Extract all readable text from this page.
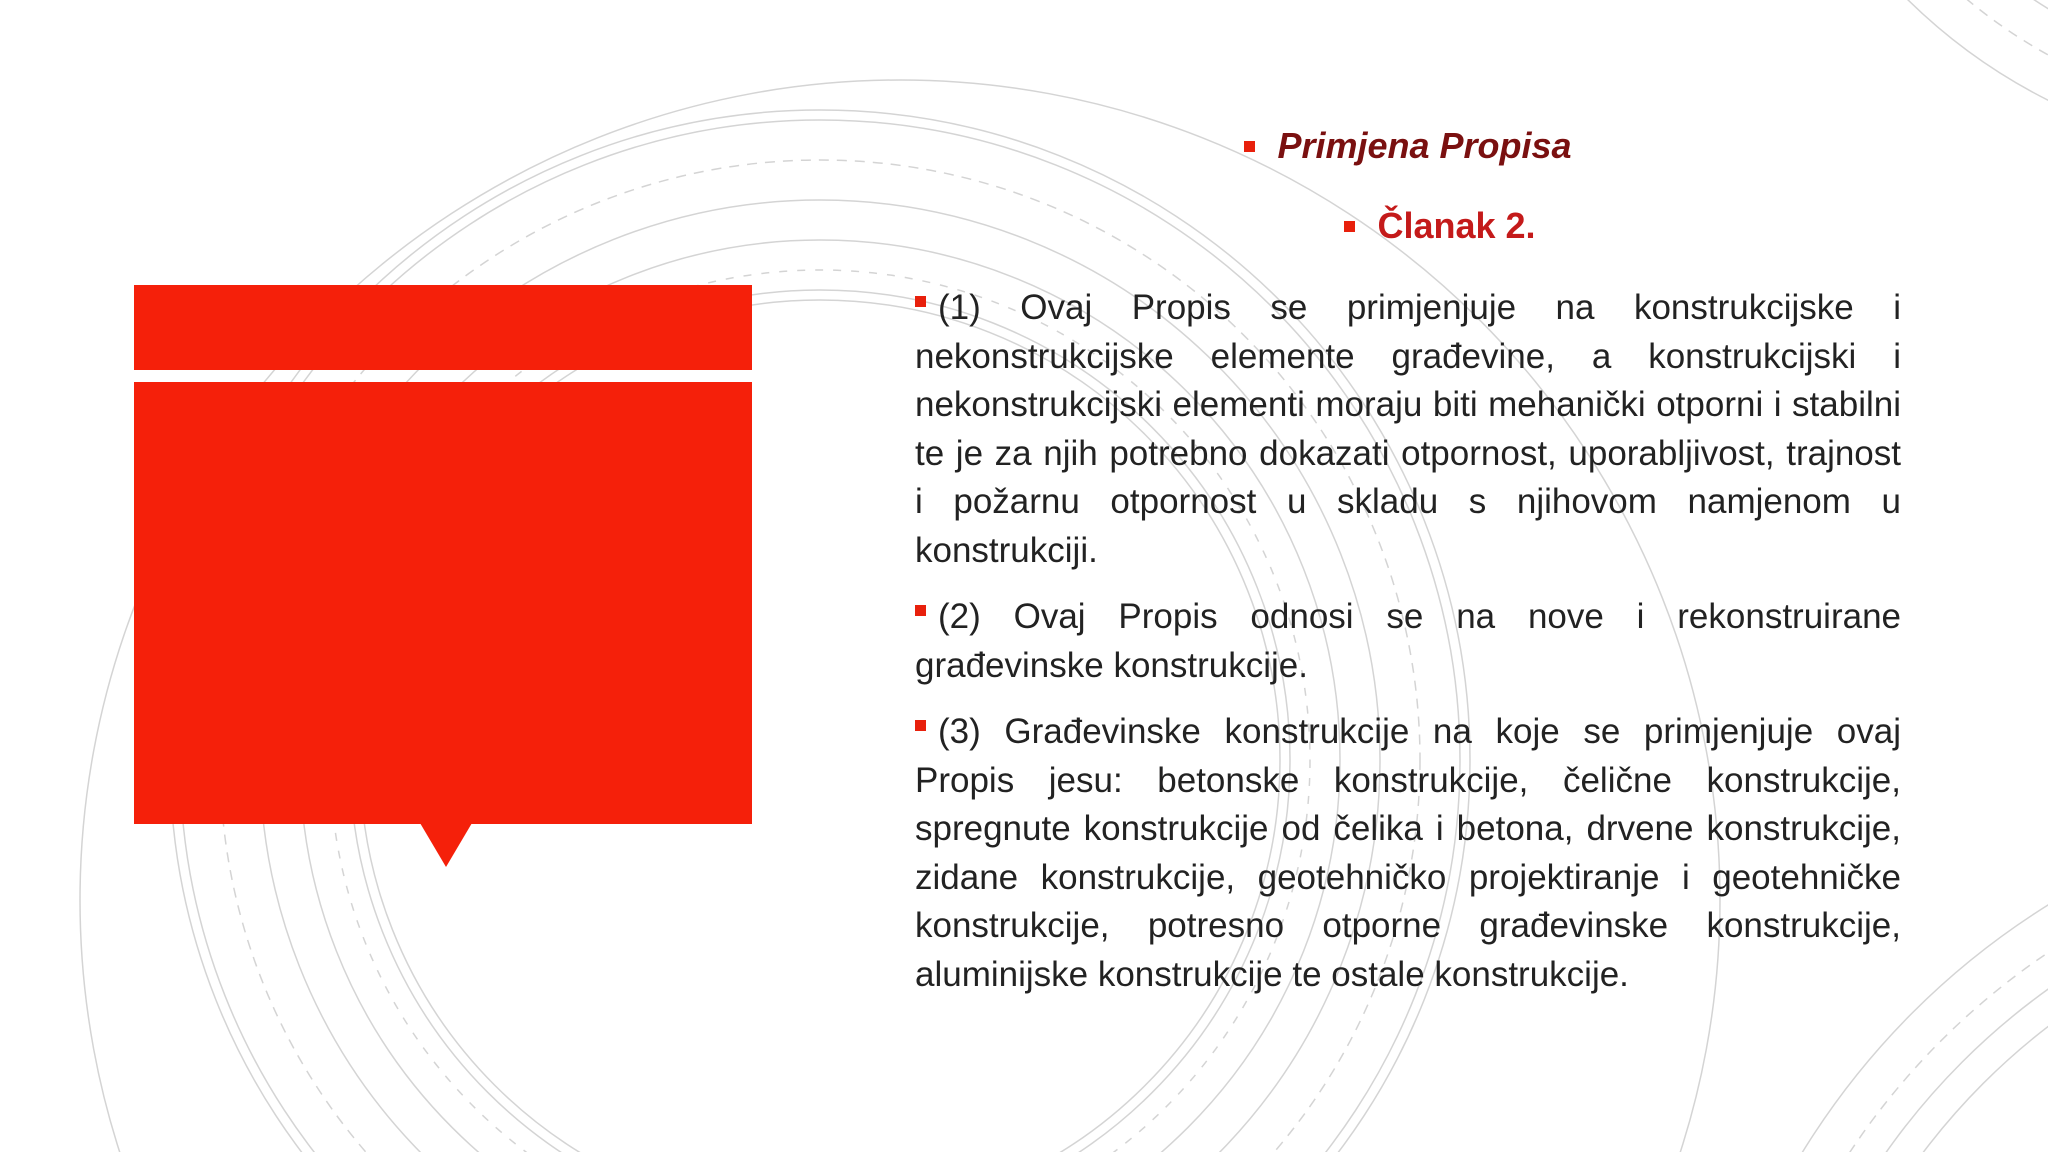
Primjena Propisa

Članak 2.

(1) Ovaj Propis se primjenjuje na konstrukcijske i nekonstrukcijske elemente građevine, a konstrukcijski i nekonstrukcijski elementi moraju biti mehanički otporni i stabilni te je za njih potrebno dokazati otpornost, uporabljivost, trajnost i požarnu otpornost u skladu s njihovom namjenom u konstrukciji.

(2) Ovaj Propis odnosi se na nove i rekonstruirane građevinske konstrukcije.

(3) Građevinske konstrukcije na koje se primjenjuje ovaj Propis jesu: betonske konstrukcije, čelične konstrukcije, spregnute konstrukcije od čelika i betona, drvene konstrukcije, zidane konstrukcije, geotehničko projektiranje i geotehničke konstrukcije, potresno otporne građevinske konstrukcije, aluminijske konstrukcije te ostale konstrukcije.
